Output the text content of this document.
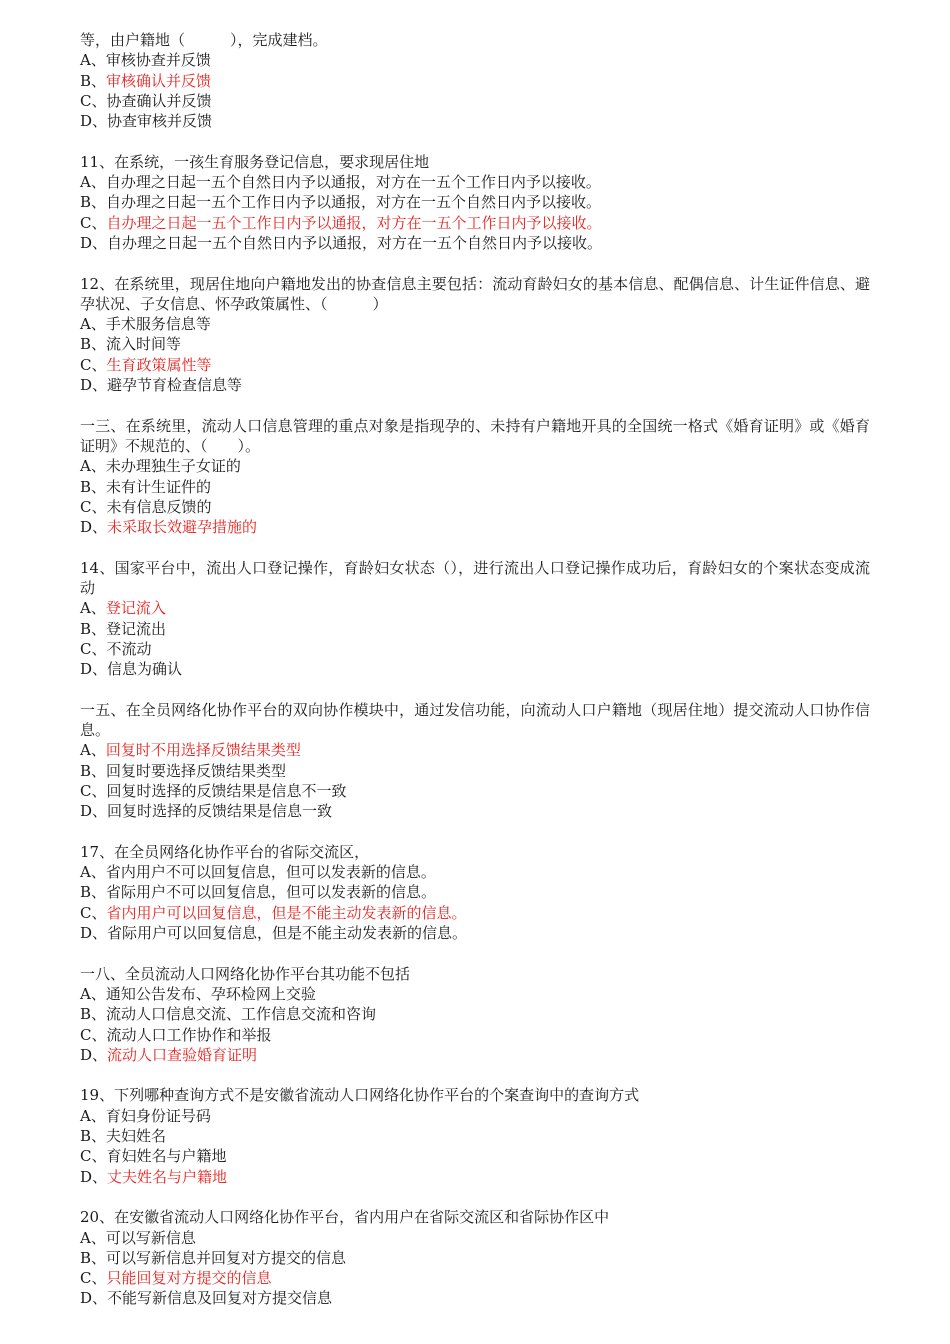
等，由户籍地（　　　），完成建档。
A、审核协查并反馈
B、审核确认并反馈
C、协查确认并反馈
D、协查审核并反馈
11、在系统，一孩生育服务登记信息，要求现居住地
A、自办理之日起一五个自然日内予以通报，对方在一五个工作日内予以接收。
B、自办理之日起一五个工作日内予以通报，对方在一五个自然日内予以接收。
C、自办理之日起一五个工作日内予以通报，对方在一五个工作日内予以接收。
D、自办理之日起一五个自然日内予以通报，对方在一五个自然日内予以接收。
12、在系统里，现居住地向户籍地发出的协查信息主要包括：流动育龄妇女的基本信息、配偶信息、计生证件信息、避孕状况、子女信息、怀孕政策属性、（　　　）
A、手术服务信息等
B、流入时间等
C、生育政策属性等
D、避孕节育检查信息等
一三、在系统里，流动人口信息管理的重点对象是指现孕的、未持有户籍地开具的全国统一格式《婚育证明》或《婚育证明》不规范的、（　　）。
A、未办理独生子女证的
B、未有计生证件的
C、未有信息反馈的
D、未采取长效避孕措施的
14、国家平台中，流出人口登记操作，育龄妇女状态（），进行流出人口登记操作成功后，育龄妇女的个案状态变成流动
A、登记流入
B、登记流出
C、不流动
D、信息为确认
一五、在全员网络化协作平台的双向协作模块中，通过发信功能，向流动人口户籍地（现居住地）提交流动人口协作信息。
A、回复时不用选择反馈结果类型
B、回复时要选择反馈结果类型
C、回复时选择的反馈结果是信息不一致
D、回复时选择的反馈结果是信息一致
17、在全员网络化协作平台的省际交流区，
A、省内用户不可以回复信息，但可以发表新的信息。
B、省际用户不可以回复信息，但可以发表新的信息。
C、省内用户可以回复信息，但是不能主动发表新的信息。
D、省际用户可以回复信息，但是不能主动发表新的信息。
一八、全员流动人口网络化协作平台其功能不包括
A、通知公告发布、孕环检网上交验
B、流动人口信息交流、工作信息交流和咨询
C、流动人口工作协作和举报
D、流动人口查验婚育证明
19、下列哪种查询方式不是安徽省流动人口网络化协作平台的个案查询中的查询方式
A、育妇身份证号码
B、夫妇姓名
C、育妇姓名与户籍地
D、丈夫姓名与户籍地
20、在安徽省流动人口网络化协作平台，省内用户在省际交流区和省际协作区中
A、可以写新信息
B、可以写新信息并回复对方提交的信息
C、只能回复对方提交的信息
D、不能写新信息及回复对方提交信息
